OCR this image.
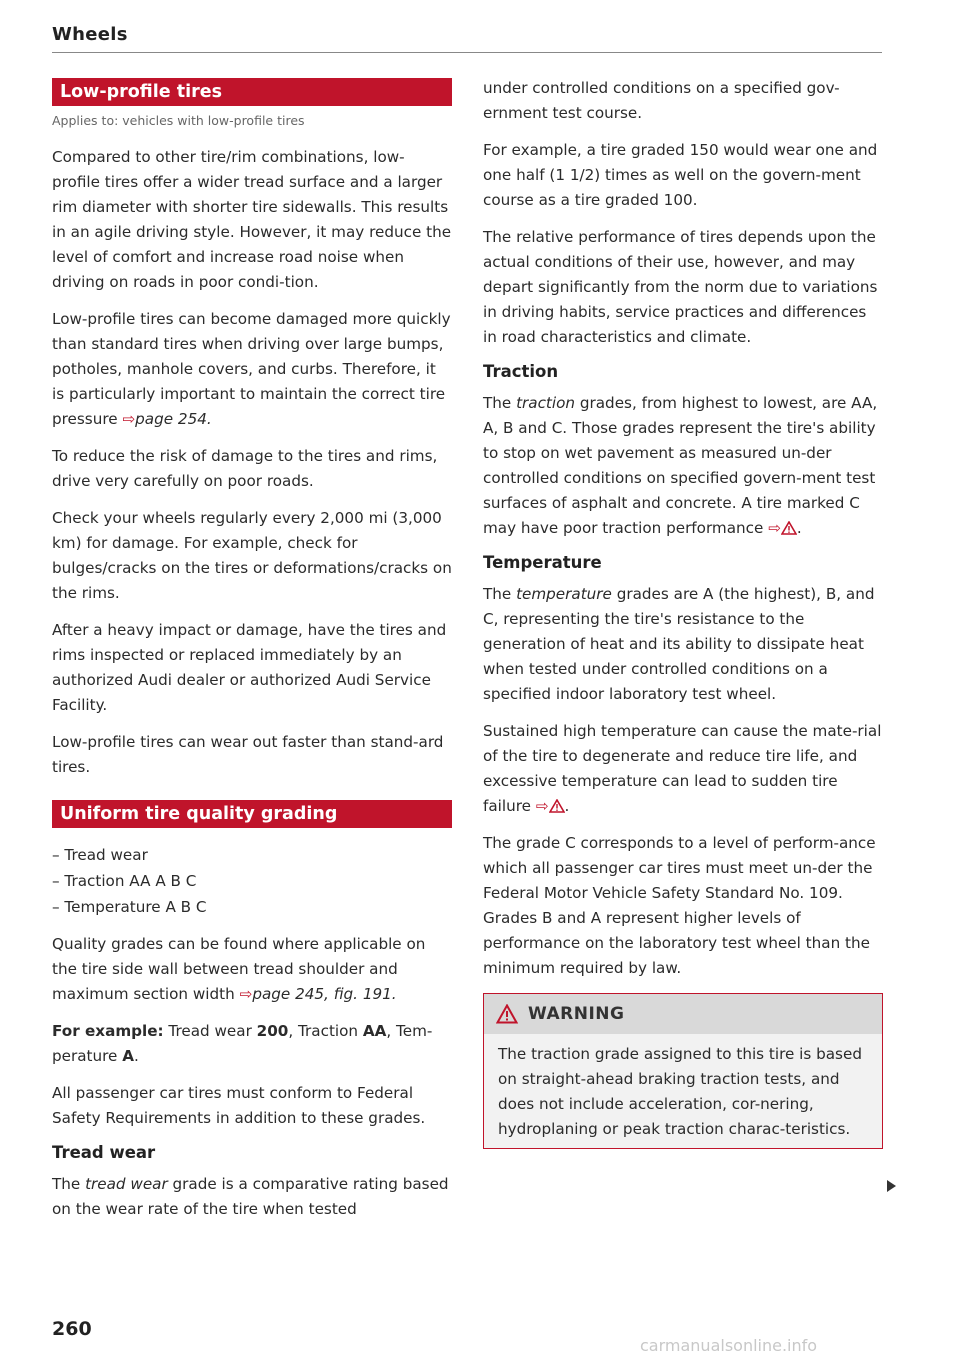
Wheels
Low-profile tires
Applies to: vehicles with low-profile tires

Compared to other tire/rim combinations, low-profile tires offer a wider tread surface and a larger rim diameter with shorter tire sidewalls. This results in an agile driving style. However, it may reduce the level of comfort and increase road noise when driving on roads in poor condi-tion.

Low-profile tires can become damaged more quickly than standard tires when driving over large bumps, potholes, manhole covers, and curbs. Therefore, it is particularly important to maintain the correct tire pressure ⇨page 254.

To reduce the risk of damage to the tires and rims, drive very carefully on poor roads.

Check your wheels regularly every 2,000 mi (3,000 km) for damage. For example, check for bulges/cracks on the tires or deformations/cracks on the rims.

After a heavy impact or damage, have the tires and rims inspected or replaced immediately by an authorized Audi dealer or authorized Audi Service Facility.

Low-profile tires can wear out faster than stand-ard tires.

Uniform tire quality grading
– Tread wear
– Traction AA A B C
– Temperature A B C

Quality grades can be found where applicable on the tire side wall between tread shoulder and maximum section width ⇨page 245, fig. 191.

For example: Tread wear 200, Traction AA, Tem-perature A.

All passenger car tires must conform to Federal Safety Requirements in addition to these grades.

Tread wear

The tread wear grade is a comparative rating based on the wear rate of the tire when tested

under controlled conditions on a specified gov-ernment test course.

For example, a tire graded 150 would wear one and one half (1 1/2) times as well on the govern-ment course as a tire graded 100.

The relative performance of tires depends upon the actual conditions of their use, however, and may depart significantly from the norm due to variations in driving habits, service practices and differences in road characteristics and climate.

Traction

The traction grades, from highest to lowest, are AA, A, B and C. Those grades represent the tire's ability to stop on wet pavement as measured un-der controlled conditions on specified govern-ment test surfaces of asphalt and concrete. A tire marked C may have poor traction performance ⇨ .

Temperature

The temperature grades are A (the highest), B, and C, representing the tire's resistance to the generation of heat and its ability to dissipate heat when tested under controlled conditions on a specified indoor laboratory test wheel.

Sustained high temperature can cause the mate-rial of the tire to degenerate and reduce tire life, and excessive temperature can lead to sudden tire failure ⇨ .

The grade C corresponds to a level of perform-ance which all passenger car tires must meet un-der the Federal Motor Vehicle Safety Standard No. 109. Grades B and A represent higher levels of performance on the laboratory test wheel than the minimum required by law.

WARNING

The traction grade assigned to this tire is based on straight-ahead braking traction tests, and does not include acceleration, cor-nering, hydroplaning or peak traction charac-teristics.

260
carmanualsonline.info
